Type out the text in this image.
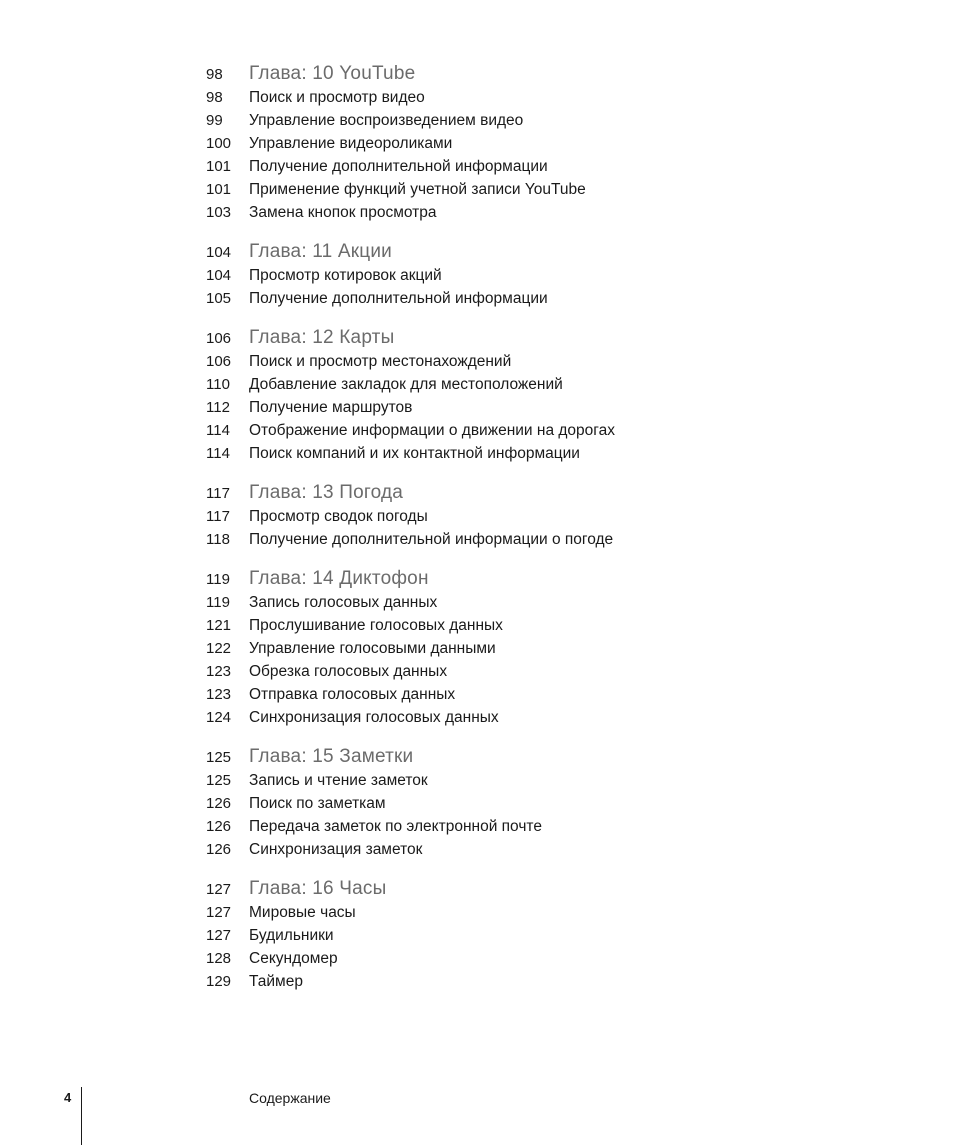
98	Глава: 10 YouTube
98	Поиск и просмотр видео
99	Управление воспроизведением видео
100	Управление видеороликами
101	Получение дополнительной информации
101	Применение функций учетной записи YouTube
103	Замена кнопок просмотра
104 Глава: 11 Акции
104	Просмотр котировок акций
105	Получение дополнительной информации
106 Глава: 12 Карты
106	Поиск и просмотр местонахождений
110	Добавление закладок для местоположений
112	Получение маршрутов
114	Отображение информации о движении на дорогах
114	Поиск компаний и их контактной информации
117	Глава: 13 Погода
117	Просмотр сводок погоды
118	Получение дополнительной информации о погоде
119	Глава: 14 Диктофон
119	Запись голосовых данных
121	Прослушивание голосовых данных
122	Управление голосовыми данными
123	Обрезка голосовых данных
123	Отправка голосовых данных
124	Синхронизация голосовых данных
125 Глава: 15 Заметки
125	Запись и чтение заметок
126	Поиск по заметкам
126	Передача заметок по электронной почте
126	Синхронизация заметок
127 Глава: 16 Часы
127	Мировые часы
127	Будильники
128	Секундомер
129	Таймер
4	Содержание
